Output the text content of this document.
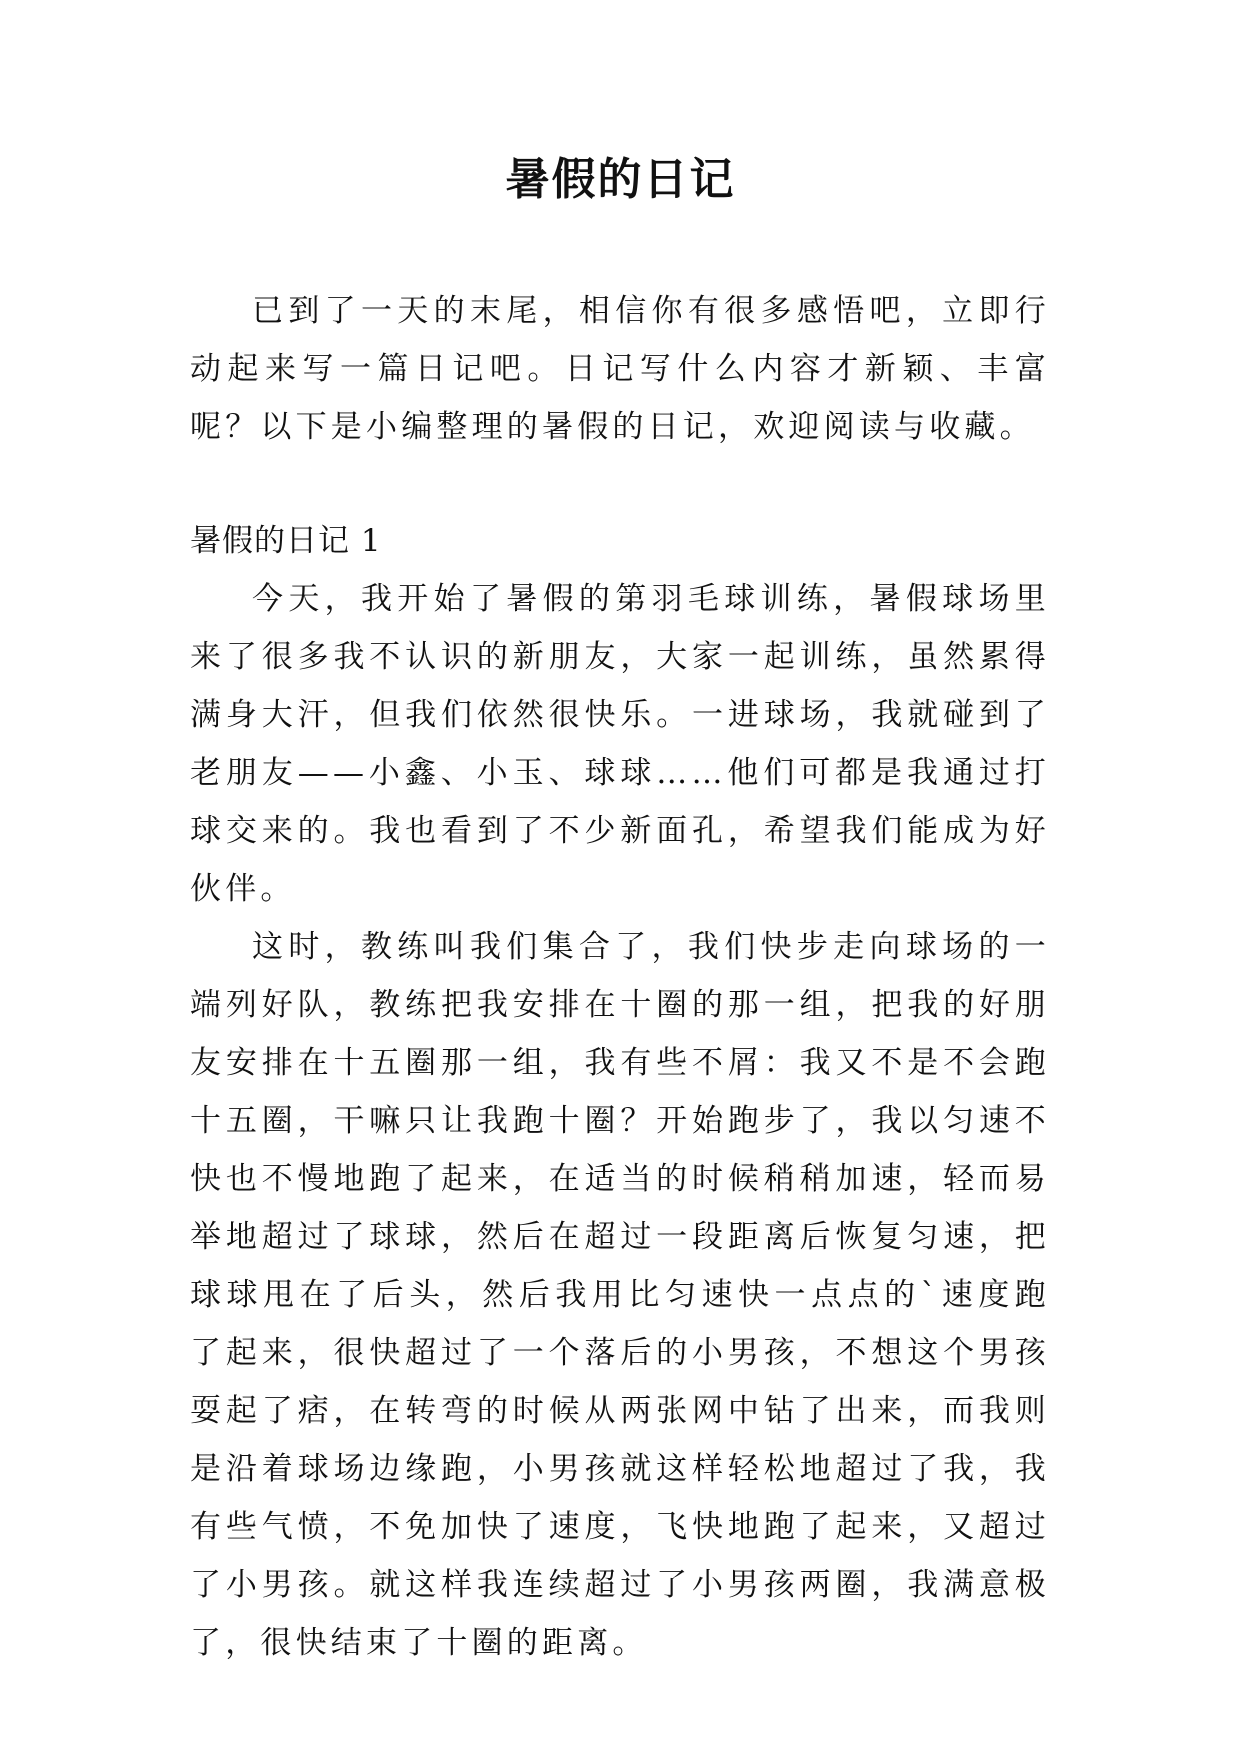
暑假的日记

已到了一天的末尾，相信你有很多感悟吧，立即行动起来写一篇日记吧。日记写什么内容才新颖、丰富呢？以下是小编整理的暑假的日记，欢迎阅读与收藏。

暑假的日记 1

今天，我开始了暑假的第羽毛球训练，暑假球场里来了很多我不认识的新朋友，大家一起训练，虽然累得满身大汗，但我们依然很快乐。一进球场，我就碰到了老朋友——小鑫、小玉、球球……他们可都是我通过打球交来的。我也看到了不少新面孔，希望我们能成为好伙伴。

这时，教练叫我们集合了，我们快步走向球场的一端列好队，教练把我安排在十圈的那一组，把我的好朋友安排在十五圈那一组，我有些不屑：我又不是不会跑十五圈，干嘛只让我跑十圈？开始跑步了，我以匀速不快也不慢地跑了起来，在适当的时候稍稍加速，轻而易举地超过了球球，然后在超过一段距离后恢复匀速，把球球甩在了后头，然后我用比匀速快一点点的`速度跑了起来，很快超过了一个落后的小男孩，不想这个男孩耍起了痞，在转弯的时候从两张网中钻了出来，而我则是沿着球场边缘跑，小男孩就这样轻松地超过了我，我有些气愤，不免加快了速度，飞快地跑了起来，又超过了小男孩。就这样我连续超过了小男孩两圈，我满意极了，很快结束了十圈的距离。
